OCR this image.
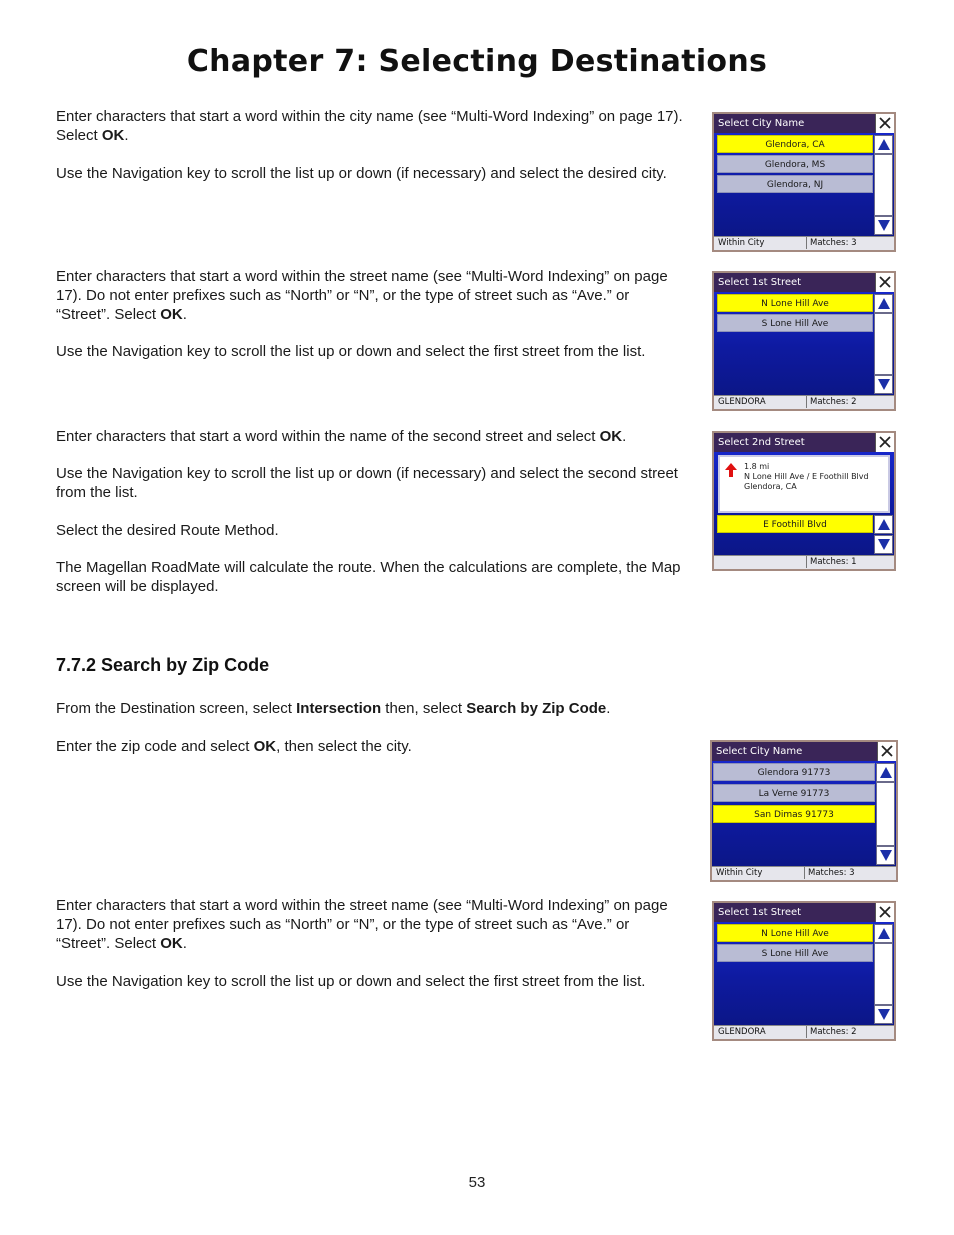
Chapter 7: Selecting Destinations

Enter characters that start a word within the city name (see “Multi-Word Indexing” on page 17). Select OK.

Use the Navigation key to scroll the list up or down (if necessary) and select the desired city.

Enter characters that start a word within the street name (see “Multi-Word Indexing” on page 17). Do not enter prefixes such as “North” or “N”, or the type of street such as “Ave.” or “Street”. Select OK.

Use the Navigation key to scroll the list up or down and select the first street from the list.

Enter characters that start a word within the name of the second street and select OK.

Use the Navigation key to scroll the list up or down (if necessary) and select the second street from the list.

Select the desired Route Method.

The Magellan RoadMate will calculate the route. When the calculations are complete, the Map screen will be displayed.

7.7.2 Search by Zip Code

From the Destination screen, select Intersection then, select Search by Zip Code.

Enter the zip code and select OK, then select the city.

Enter characters that start a word within the street name (see “Multi-Word Indexing” on page 17). Do not enter prefixes such as “North” or “N”, or the type of street such as “Ave.” or “Street”. Select OK.

Use the Navigation key to scroll the list up or down and select the first street from the list.

53
Select City Name
Glendora, CA
Glendora, MS
Glendora, NJ
Within City	Matches: 3
Select 1st Street
N Lone Hill Ave
S Lone Hill Ave
GLENDORA	Matches: 2
Select 2nd Street
1.8 mi
N Lone Hill Ave / E Foothill Blvd
Glendora, CA
E Foothill Blvd
Matches: 1
Select City Name
Glendora 91773
La Verne 91773
San Dimas 91773
Within City	Matches: 3
Select 1st Street
N Lone Hill Ave
S Lone Hill Ave
GLENDORA	Matches: 2
